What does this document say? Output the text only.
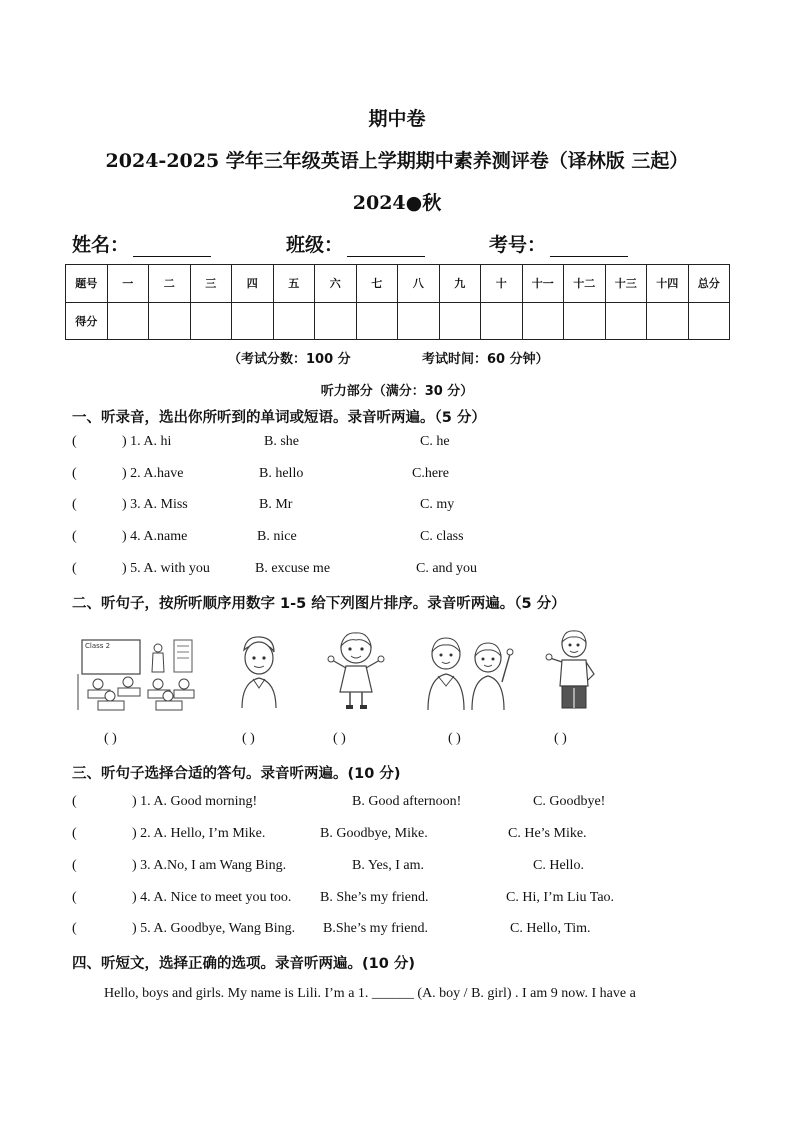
期中卷
2024-2025 学年三年级英语上学期期中素养测评卷（译林版 三起）
2024●秋
姓名：	班级：	考号：
题号	一	二	三	四	五	六	七	八	九	十	十一	十二	十三	十四	总分
得分															
（考试分数：100 分	考试时间：60 分钟）
听力部分（满分：30 分）
一、听录音，选出你所听到的单词或短语。录音听两遍。（5 分）
(	) 1. A. hi	B. she	C. he
(	) 2. A.have	B. hello	C.here
(	) 3. A. Miss	B. Mr	C. my
(	) 4. A.name	B. nice	C. class
(	) 5. A. with you	B. excuse me	C. and you
二、听句子，按所听顺序用数字 1-5 给下列图片排序。录音听两遍。（5 分）
Class 2
( )	( )	( )	( )	( )
三、听句子选择合适的答句。录音听两遍。(10 分)
(	) 1. A. Good morning!	B. Good afternoon!	C. Goodbye!
(	) 2. A. Hello, I’m Mike.	B. Goodbye, Mike.	C. He’s Mike.
(	) 3. A.No, I am Wang Bing.	B. Yes, I am.	C. Hello.
(	) 4. A. Nice to meet you too. B. She’s my friend.	C. Hi, I’m Liu Tao.
(	) 5. A. Goodbye, Wang Bing. B.She’s my friend.	C. Hello, Tim.
四、听短文，选择正确的选项。录音听两遍。(10 分)
Hello, boys and girls. My name is Lili. I’m a 1. ______ (A. boy / B. girl) . I am 9 now. I have a
